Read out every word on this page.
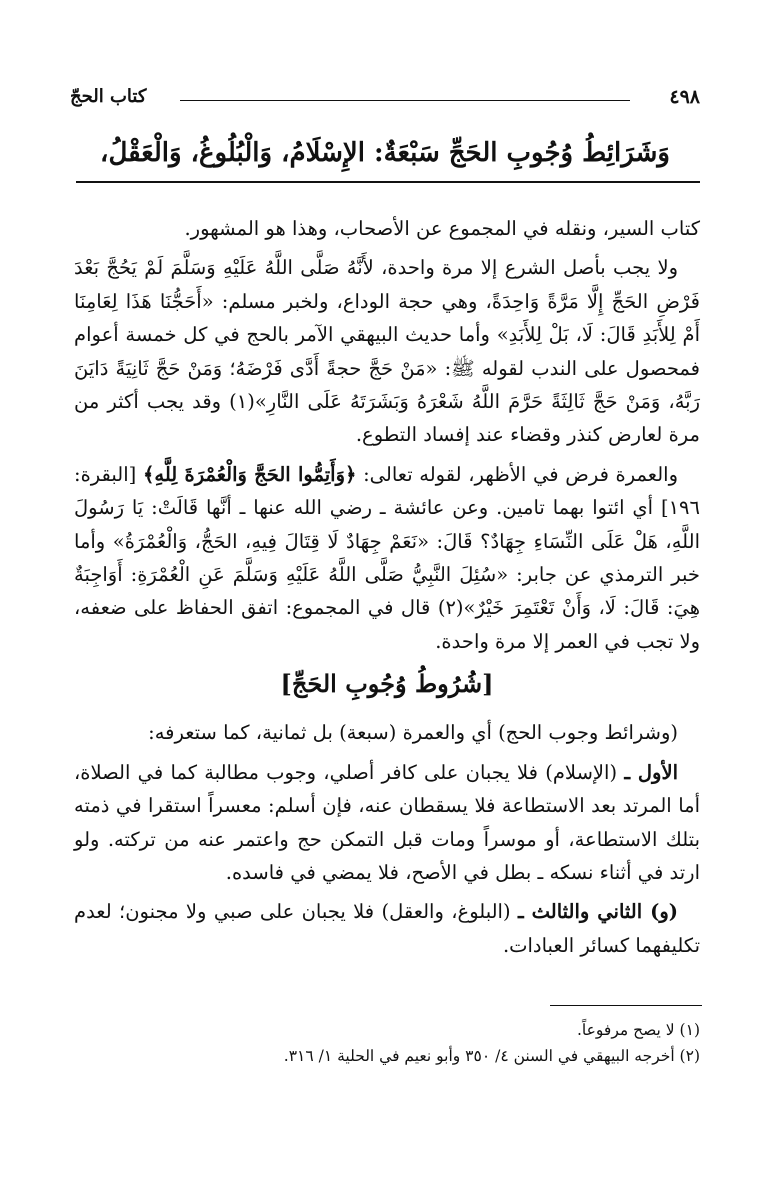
٤٩٨
كتاب الحجّ
وَشَرَائِطُ وُجُوبِ الحَجِّ سَبْعَةٌ: الإِسْلَامُ، وَالْبُلُوغُ، وَالْعَقْلُ،

كتاب السير، ونقله في المجموع عن الأصحاب، وهذا هو المشهور.

ولا يجب بأصل الشرع إلا مرة واحدة، لأَنَّهُ صَلَّى اللَّهُ عَلَيْهِ وَسَلَّمَ لَمْ يَحُجَّ بَعْدَ فَرْضِ الحَجِّ إِلَّا مَرَّةً وَاحِدَةً، وهي حجة الوداع، ولخبر مسلم: «أَحَجُّنَا هَذَا لِعَامِنَا أَمْ لِلأَبَدِ قَالَ: لَا، بَلْ لِلأَبَدِ» وأما حديث البيهقي الآمر بالحج في كل خمسة أعوام فمحصول على الندب لقوله ﷺ: «مَنْ حَجَّ حجةً أَدَّى فَرْضَهُ؛ وَمَنْ حَجَّ ثَانِيَةً دَايَنَ رَبَّهُ، وَمَنْ حَجَّ ثَالِثَةً حَرَّمَ اللَّهُ شَعْرَهُ وَبَشَرَتَهُ عَلَى النَّارِ»(١) وقد يجب أكثر من مرة لعارض كنذر وقضاء عند إفساد التطوع.

والعمرة فرض في الأظهر، لقوله تعالى: ﴿وَأَتِمُّوا الحَجَّ وَالْعُمْرَةَ لِلَّهِ﴾ [البقرة: ١٩٦] أي ائتوا بهما تامين. وعن عائشة ـ رضي الله عنها ـ أنَّها قَالَتْ: يَا رَسُولَ اللَّهِ، هَلْ عَلَى النِّسَاءِ جِهَادٌ؟ قَالَ: «نَعَمْ جِهَادٌ لَا قِتَالَ فِيهِ، الحَجُّ، وَالْعُمْرَةُ» وأما خبر الترمذي عن جابر: «سُئِلَ النَّبِيُّ صَلَّى اللَّهُ عَلَيْهِ وَسَلَّمَ عَنِ الْعُمْرَةِ: أَوَاجِبَةٌ هِيَ: قَالَ: لَا، وَأَنْ تَعْتَمِرَ خَيْرٌ»(٢) قال في المجموع: اتفق الحفاظ على ضعفه، ولا تجب في العمر إلا مرة واحدة.

[شُرُوطُ وُجُوبِ الحَجِّ]

(وشرائط وجوب الحج) أي والعمرة (سبعة) بل ثمانية، كما ستعرفه:

الأول ـ (الإسلام) فلا يجبان على كافر أصلي، وجوب مطالبة كما في الصلاة، أما المرتد بعد الاستطاعة فلا يسقطان عنه، فإن أسلم: معسراً استقرا في ذمته بتلك الاستطاعة، أو موسراً ومات قبل التمكن حج واعتمر عنه من تركته. ولو ارتد في أثناء نسكه ـ بطل في الأصح، فلا يمضي في فاسده.

(و) الثاني والثالث ـ (البلوغ، والعقل) فلا يجبان على صبي ولا مجنون؛ لعدم تكليفهما كسائر العبادات.

(١) لا يصح مرفوعاً.
(٢) أخرجه البيهقي في السنن ٤/ ٣٥٠ وأبو نعيم في الحلية ١/ ٣١٦.
